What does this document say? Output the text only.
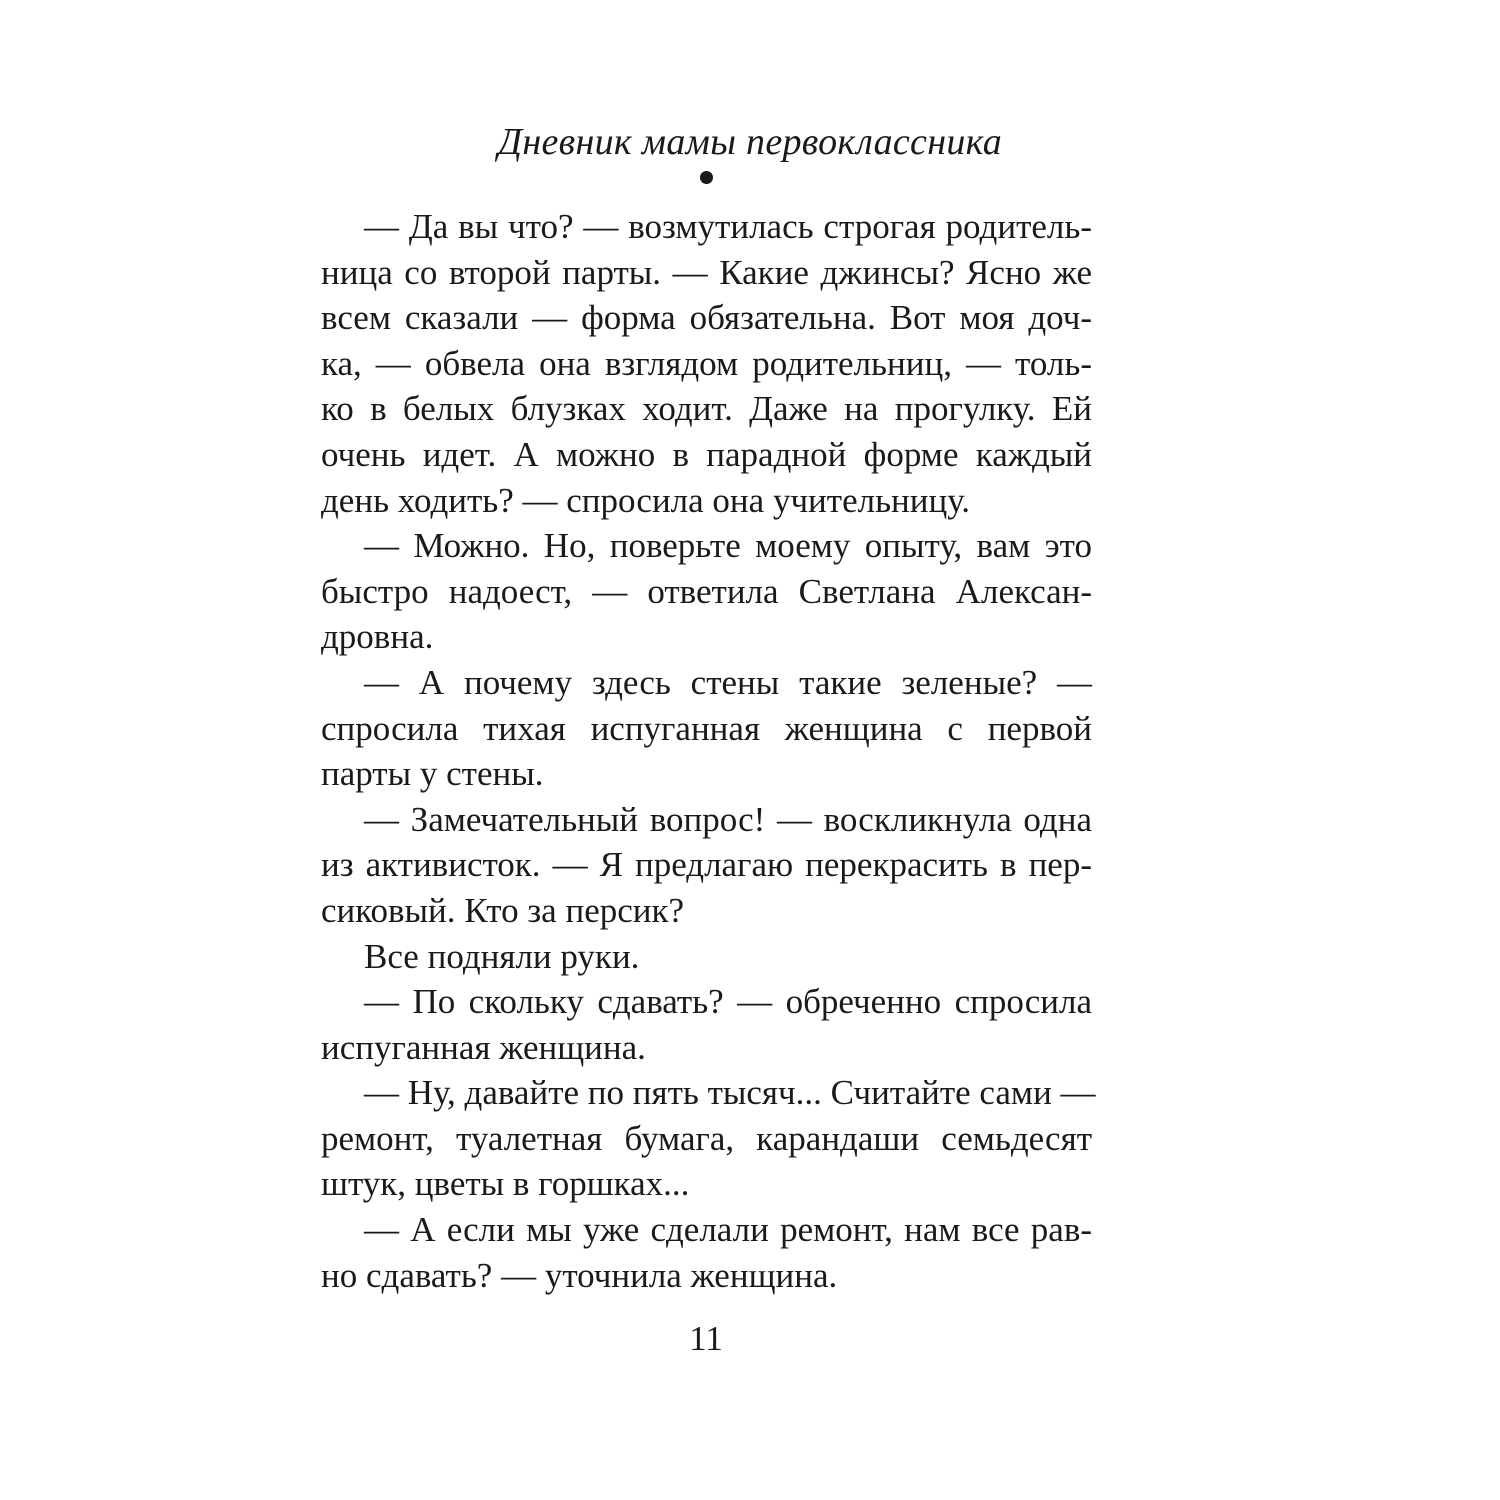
Дневник мамы первоклассника
— Да вы что? — возмутилась строгая родитель-
ница со второй парты. — Какие джинсы? Ясно же
всем сказали — форма обязательна. Вот моя доч-
ка, — обвела она взглядом родительниц, — толь-
ко в белых блузках ходит. Даже на прогулку. Ей
очень идет. А можно в парадной форме каждый
день ходить? — спросила она учительницу.
— Можно. Но, поверьте моему опыту, вам это
быстро надоест, — ответила Светлана Алексан-
дровна.
— А почему здесь стены такие зеленые? —
спросила тихая испуганная женщина с первой
парты у стены.
— Замечательный вопрос! — воскликнула одна
из активисток. — Я предлагаю перекрасить в пер-
сиковый. Кто за персик?
Все подняли руки.
— По скольку сдавать? — обреченно спросила
испуганная женщина.
— Ну, давайте по пять тысяч... Считайте сами —
ремонт, туалетная бумага, карандаши семьдесят
штук, цветы в горшках...
— А если мы уже сделали ремонт, нам все рав-
но сдавать? — уточнила женщина.
11
